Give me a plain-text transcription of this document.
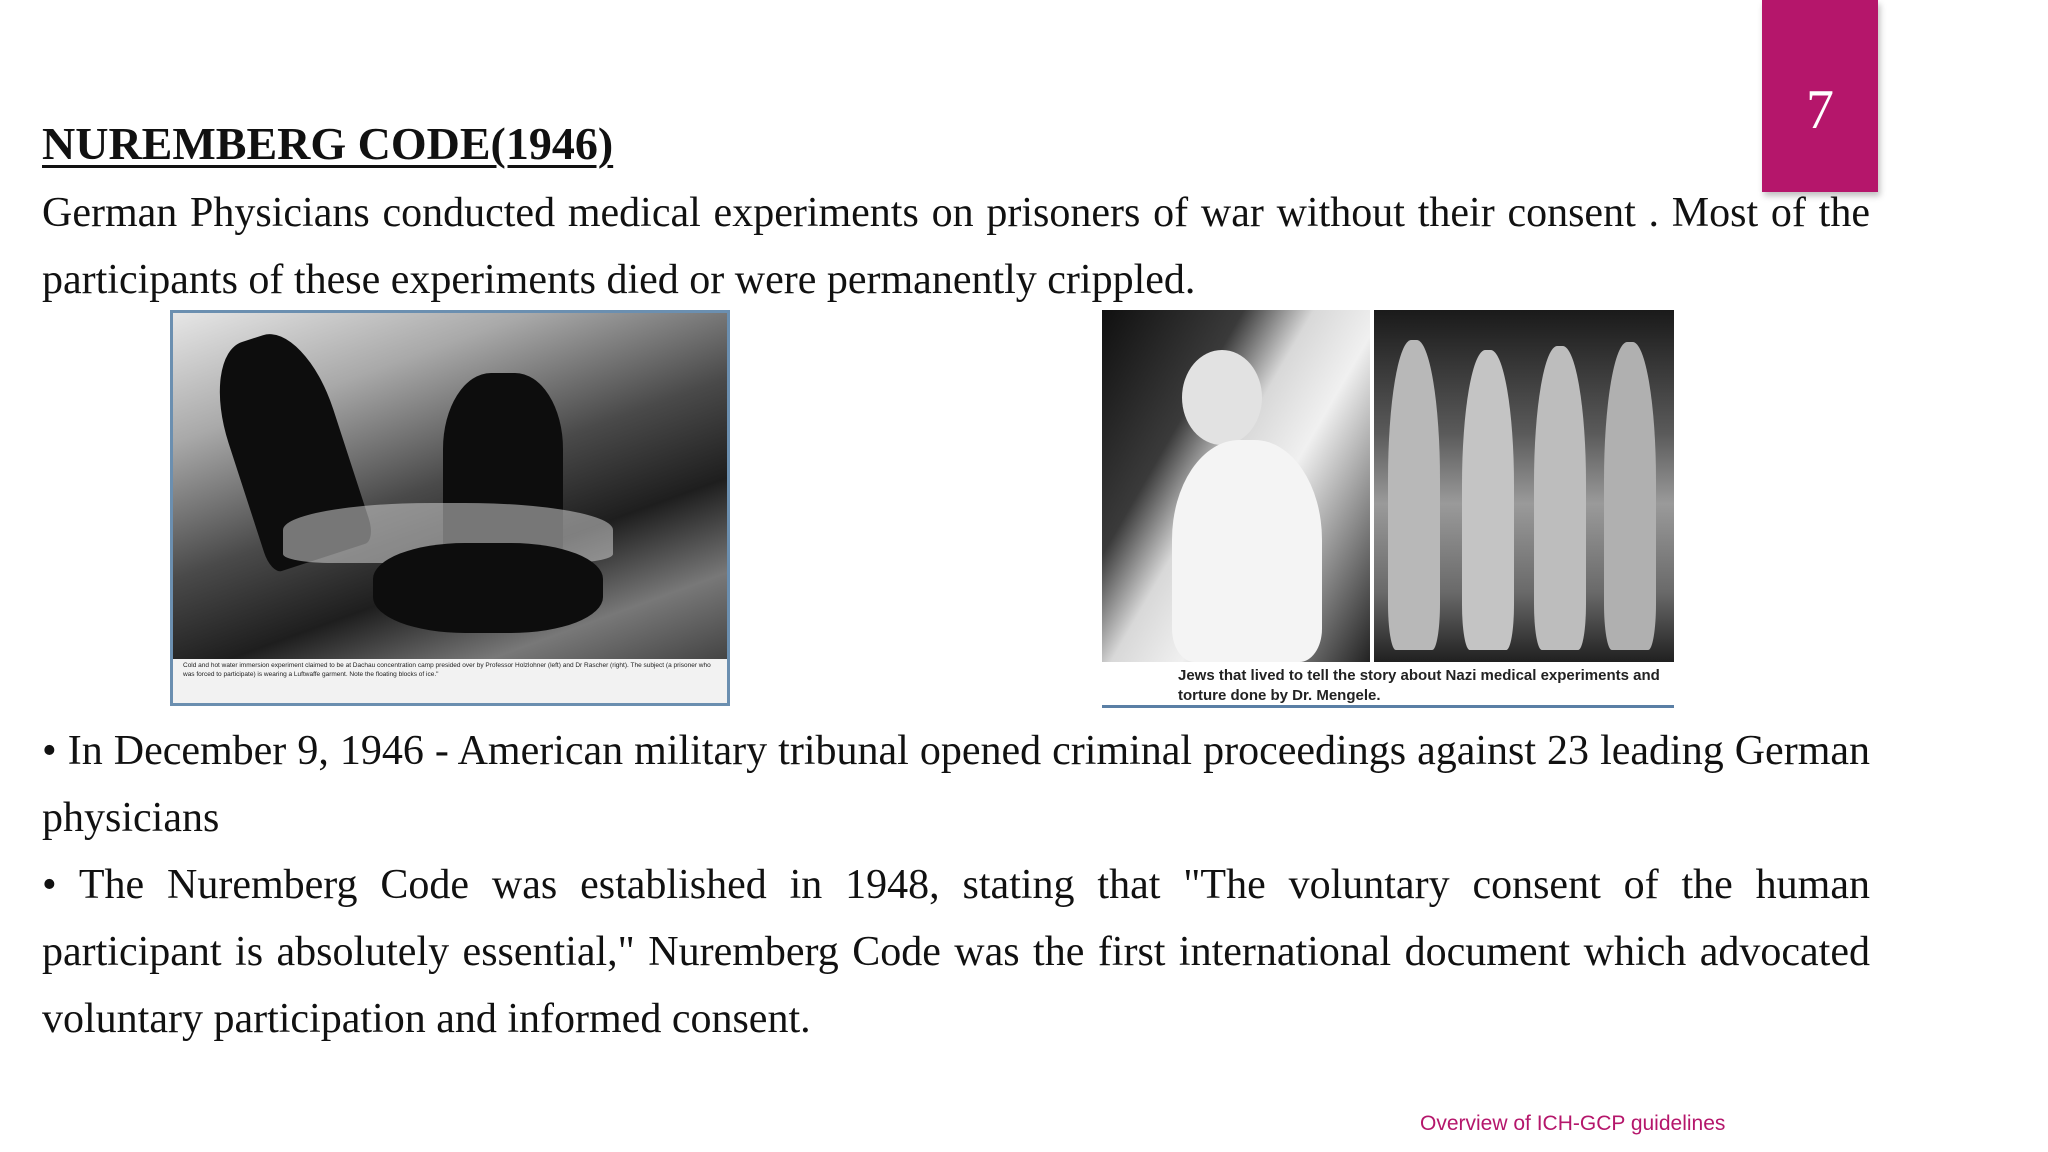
7
NUREMBERG CODE(1946)

German Physicians conducted medical experiments on prisoners of war without their consent . Most of the participants of these experiments died or were permanently crippled.

Cold and hot water immersion experiment claimed to be at Dachau concentration camp presided over by Professor Holzlohner (left) and Dr Rascher (right). The subject (a prisoner who was forced to participate) is wearing a Luftwaffe garment. Note the floating blocks of ice."	Jews that lived to tell the story about Nazi medical experiments and torture done by Dr. Mengele.

• In December 9, 1946 - American military tribunal opened criminal proceedings against 23 leading German physicians

• The Nuremberg Code was established in 1948, stating that "The voluntary consent of the human participant is absolutely essential," Nuremberg Code was the first international document which advocated voluntary participation and informed consent.

Overview of ICH-GCP guidelines
